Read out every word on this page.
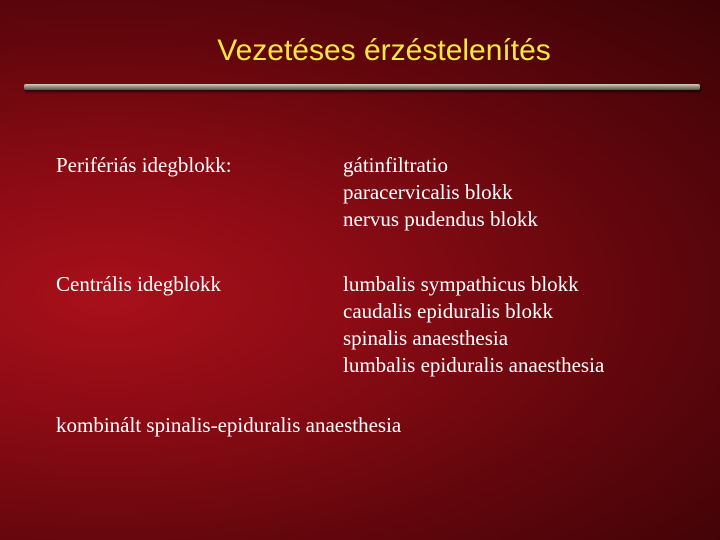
Vezetéses érzéstelenítés
Perifériás idegblokk:	gátinfiltratio
paracervicalis blokk
nervus pudendus blokk
Centrális idegblokk	lumbalis sympathicus blokk
caudalis epiduralis blokk
spinalis anaesthesia
lumbalis epiduralis anaesthesia
kombinált spinalis-epiduralis anaesthesia
